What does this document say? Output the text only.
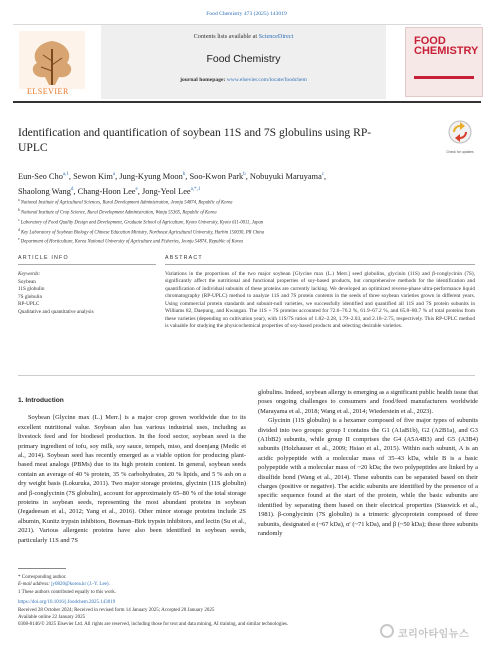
Food Chemistry 473 (2025) 143019
ELSEVIER
Contents lists available at ScienceDirect
Food Chemistry
journal homepage: www.elsevier.com/locate/foodchem
FOOD
CHEMISTRY
Identification and quantification of soybean 11S and 7S globulins using RP-UPLC	Check for updates
Eun-Seo Cho$^{a,1}$, Sewon Kim$^a$, Jung-Kyung Moon$^b$, Soo-Kwon Park$^b$, Nobuyuki Maruyama$^c$,
Shaolong Wang$^d$, Chang-Hoon Lee$^e$, Jong-Yeol Lee$^{a,*,1}$
$^a$ National Institute of Agricultural Sciences, Rural Development Administration, Jeonju 54874, Republic of Korea
$^b$ National Institute of Crop Science, Rural Development Administration, Wanju 55365, Republic of Korea
$^c$ Laboratory of Food Quality Design and Development, Graduate School of Agriculture, Kyoto University, Kyoto 611-0011, Japan
$^d$ Key Laboratory of Soybean Biology of Chinese Education Ministry, Northeast Agricultural University, Harbin 150030, PR China
$^e$ Department of Horticulture, Korea National University of Agriculture and Fisheries, Jeonju 54874, Republic of Korea
ARTICLE INFO	ABSTRACT
Keywords:
Soybean
11S globulin
7S globulin
RP-UPLC
Qualitative and quantitative analysis
Variations in the proportions of the two major soybean [Glycine max (L.) Merr.] seed globulins, glycinin (11S) and β-conglycinin (7S), significantly affect the nutritional and functional properties of soy-based products, but comprehensive methods for the identification and quantification of individual subunits of these proteins are currently lacking. We developed an optimized reverse-phase ultra-performance liquid chromatography (RP-UPLC) method to analyze 11S and 7S protein contents in the seeds of three soybean varieties grown in different years. Using commercial protein standards and subunit-null varieties, we successfully identified and quantified all 11S and 7S protein subunits in Williams 82, Daepung, and Kwangan. The 11S + 7S proteins accounted for 72.6–76.2 %, 61.9–67.2 %, and 65.8–80.7 % of total proteins from these varieties (depending on cultivation year), with 11S/7S ratios of 1.82–2.28, 1.79–2.03, and 2.18–2.75, respectively. This RP-UPLC method is valuable for studying the physicochemical properties of soy-based products and selecting desirable varieties.
1. Introduction

Soybean [Glycine max (L.) Merr.] is a major crop grown worldwide due to its excellent nutritional value. Soybean also has various industrial uses, including as livestock feed and for biodiesel production. In the food sector, soybean seed is the primary ingredient of tofu, soy milk, soy sauce, tempeh, miso, and doenjang (Medic et al., 2014). Soybean seed has recently emerged as a viable option for producing plant-based meat analogs (PBMs) due to its high protein content. In general, soybean seeds contain an average of 40 % protein, 35 % carbohydrates, 20 % lipids, and 5 % ash on a dry weight basis (Lokuruka, 2011). Two major storage proteins, glycinin (11S globulin) and β-conglycinin (7S globulin), account for approximately 65–80 % of the total storage proteins in soybean seeds, representing the most abundant proteins in soybean (Jegadeesan et al., 2012; Yang et al., 2016). Other minor storage proteins include 2S albumin, Kunitz trypsin inhibitors, Bowman–Birk trypsin inhibitors, and lectin (Su et al., 2021). Various allergenic proteins have also been identified in soybean seeds, particularly 11S and 7S

globulins. Indeed, soybean allergy is emerging as a significant public health issue that poses ongoing challenges to consumers and food/feed manufacturers worldwide (Marayama et al., 2018; Wang et al., 2014; Wiederstein et al., 2023).

Glycinin (11S globulin) is a hexamer composed of five major types of subunits divided into two groups: group I contains the G1 (A1aB1b), G2 (A2B1a), and G3 (A1bB2) subunits, while group II comprises the G4 (A5A4B3) and G5 (A3B4) subunits (Holzhauser et al., 2009; Hsiao et al., 2015). Within each subunit, A is an acidic polypeptide with a molecular mass of 35–43 kDa, while B is a basic polypeptide with a molecular mass of ~20 kDa; the two polypeptides are linked by a disulfide bond (Wang et al., 2014). These subunits can be separated based on their charges (positive or negative). The acidic subunits are identified by the presence of a specific sequence found at the start of the protein, while the basic subunits are identified by separating them based on their electrical properties (Staswick et al., 1981). β-conglycinin (7S globulin) is a trimeric glycoprotein composed of three subunits, designated α (~67 kDa), α′ (~71 kDa), and β (~50 kDa); these three subunits randomly

* Corresponding author.
E-mail address: jy0820@korea.kr (J.-Y. Lee).
1 These authors contributed equally to this work.
https://doi.org/10.1016/j.foodchem.2025.143019
Received 28 October 2024; Received in revised form 14 January 2025; Accepted 20 January 2025
Available online 22 January 2025
0308-8146/© 2025 Elsevier Ltd. All rights are reserved, including those for text and data mining, AI training, and similar technologies.
코리아타임뉴스
